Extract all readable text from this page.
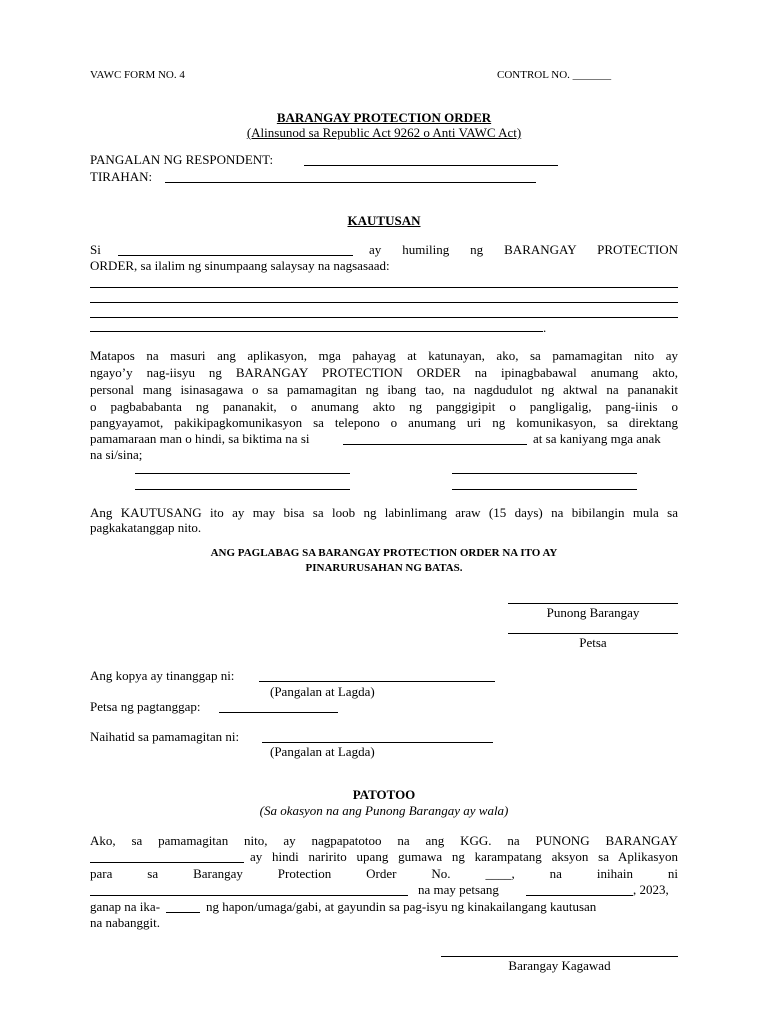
VAWC FORM NO. 4	CONTROL NO. _______
BARANGAY PROTECTION ORDER
(Alinsunod sa Republic Act 9262 o Anti VAWC Act)
PANGALAN NG RESPONDENT:
TIRAHAN:
KAUTUSAN
Si	ay humiling ng BARANGAY PROTECTION
ORDER, sa ilalim ng sinumpaang salaysay na nagsasaad:
.
Matapos na masuri ang aplikasyon, mga pahayag at katunayan, ako, sa pamamagitan nito ay
ngayo’y nag-iisyu ng BARANGAY PROTECTION ORDER na ipinagbabawal anumang akto,
personal mang isinasagawa o sa pamamagitan ng ibang tao, na nagdudulot ng aktwal na pananakit
o pagbababanta ng pananakit, o anumang akto ng panggigipit o pangligalig, pang-iinis o
pangyayamot, pakikipagkomunikasyon sa telepono o anumang uri ng komunikasyon, sa direktang
pamamaraan man o hindi, sa biktima na si	at sa kaniyang mga anak
na si/sina;
Ang KAUTUSANG ito ay may bisa sa loob ng labinlimang araw (15 days) na bibilangin mula sa
pagkakatanggap nito.
ANG PAGLABAG SA BARANGAY PROTECTION ORDER NA ITO AY
PINARURUSAHAN NG BATAS.
Punong Barangay
Petsa
Ang kopya ay tinanggap ni:
(Pangalan at Lagda)
Petsa ng pagtanggap:
Naihatid sa pamamagitan ni:
(Pangalan at Lagda)
PATOTOO
(Sa okasyon na ang Punong Barangay ay wala)
Ako, sa pamamagitan nito, ay nagpapatotoo na ang KGG. na PUNONG BARANGAY
ay hindi naririto upang gumawa ng karampatang aksyon sa Aplikasyon
para	sa	Barangay	Protection	Order	No.	____,	na	inihain	ni
na may petsang	, 2023,
ganap na ika-	ng hapon/umaga/gabi, at gayundin sa pag-isyu ng kinakailangang kautusan
na nabanggit.
Barangay Kagawad
